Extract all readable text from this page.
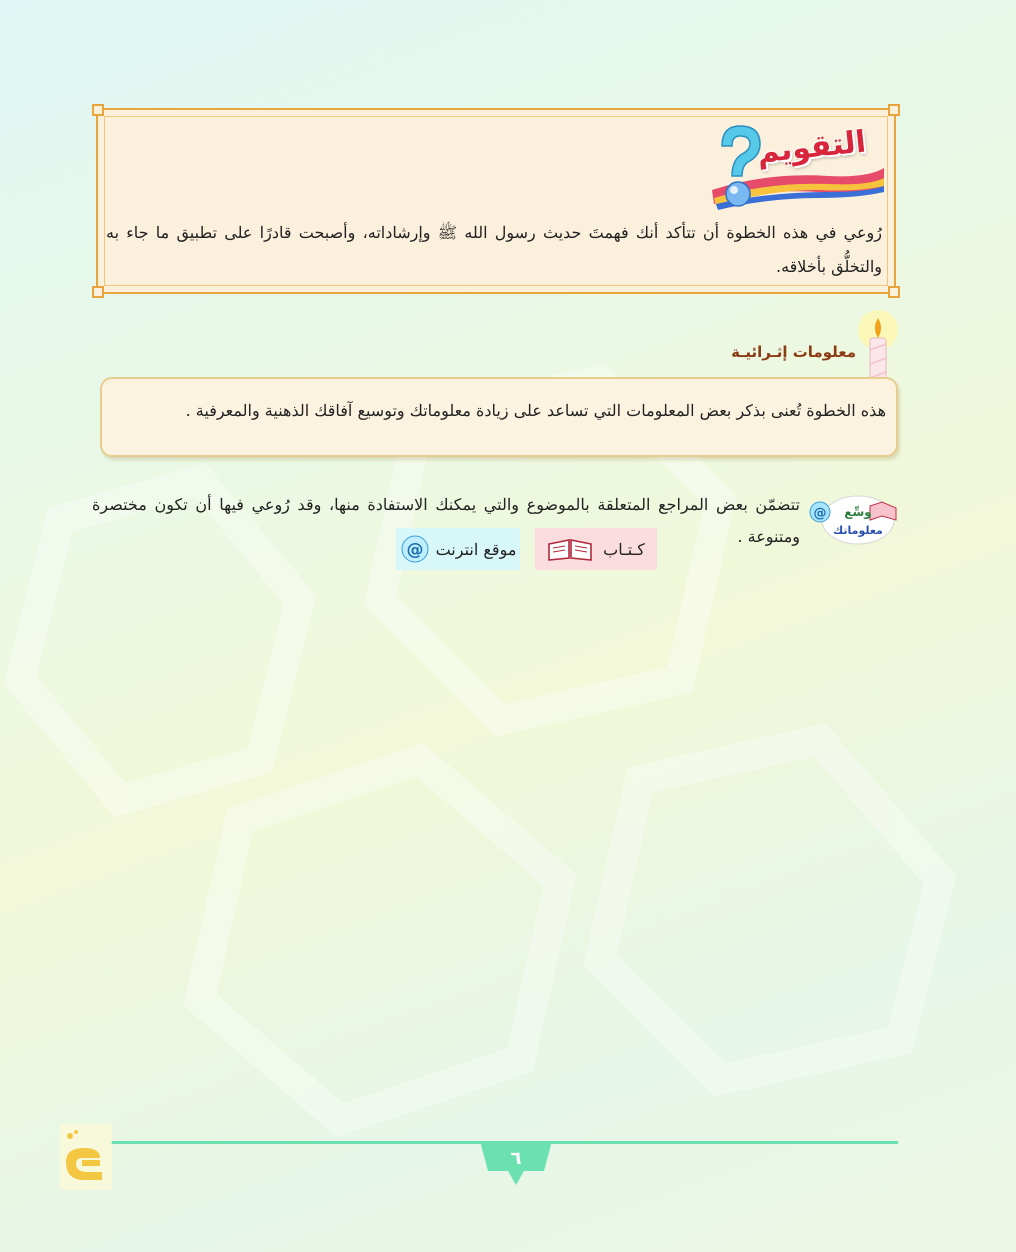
التقويم
رُوعي في هذه الخطوة أن تتأكد أنك فهمتَ حديث رسول الله ﷺ وإرشاداته، وأصبحت قادرًا على تطبيق ما جاء به والتخلُّق بأخلاقه.
معلومات إثـرائيـة
هذه الخطوة تُعنى بذكر بعض المعلومات التي تساعد على زيادة معلوماتك وتوسيع آفاقك الذهنية والمعرفية .
@ وسِّع
معلوماتك
تتضمّن بعض المراجع المتعلقة بالموضوع والتي يمكنك الاستفادة منها، وقد رُوعي فيها أن تكون مختصرة ومتنوعة .
كـتـاب
موقع انترنت
@
٦
